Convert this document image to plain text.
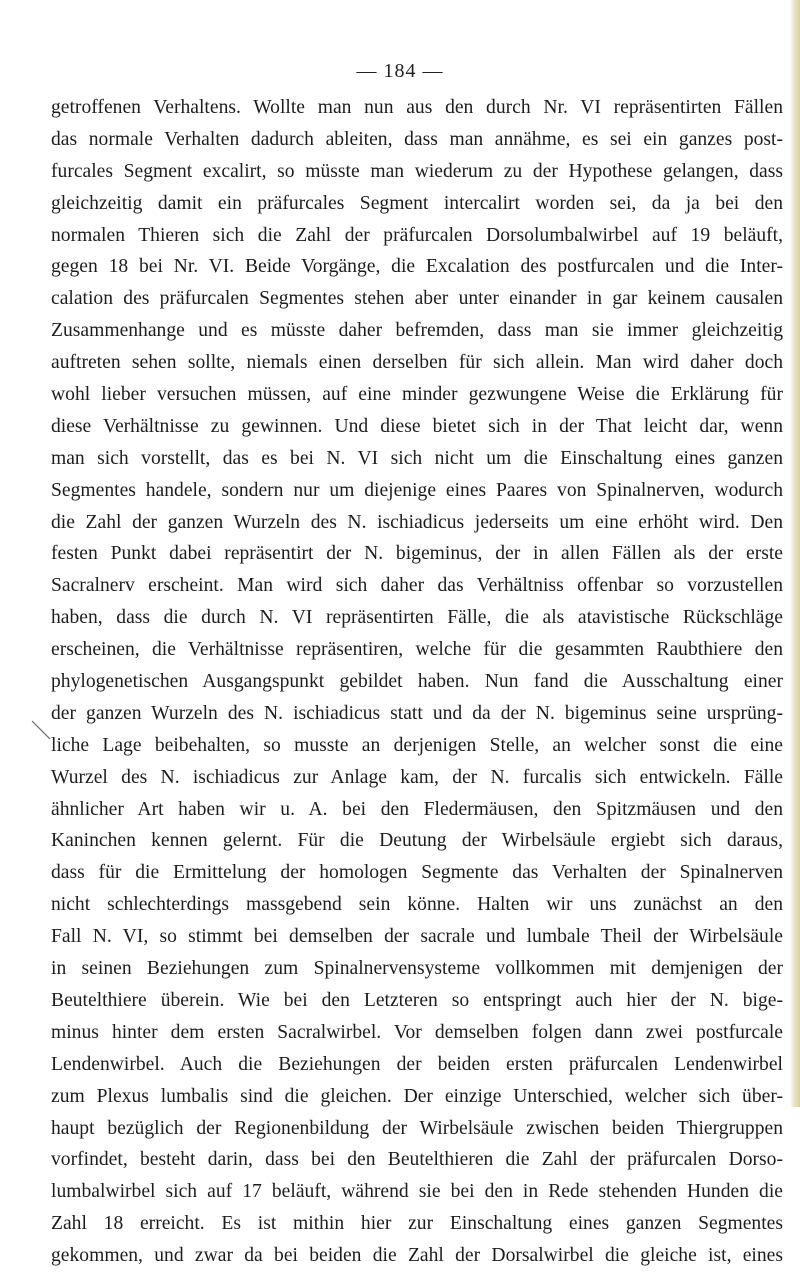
— 184 —
getroffenen Verhaltens. Wollte man nun aus den durch Nr. VI repräsentirten Fällen
das normale Verhalten dadurch ableiten, dass man annähme, es sei ein ganzes post-
furcales Segment excalirt, so müsste man wiederum zu der Hypothese gelangen, dass
gleichzeitig damit ein präfurcales Segment intercalirt worden sei, da ja bei den
normalen Thieren sich die Zahl der präfurcalen Dorsolumbalwirbel auf 19 beläuft,
gegen 18 bei Nr. VI. Beide Vorgänge, die Excalation des postfurcalen und die Inter-
calation des präfurcalen Segmentes stehen aber unter einander in gar keinem causalen
Zusammenhange und es müsste daher befremden, dass man sie immer gleichzeitig
auftreten sehen sollte, niemals einen derselben für sich allein. Man wird daher doch
wohl lieber versuchen müssen, auf eine minder gezwungene Weise die Erklärung für
diese Verhältnisse zu gewinnen. Und diese bietet sich in der That leicht dar, wenn
man sich vorstellt, das es bei N. VI sich nicht um die Einschaltung eines ganzen
Segmentes handele, sondern nur um diejenige eines Paares von Spinalnerven, wodurch
die Zahl der ganzen Wurzeln des N. ischiadicus jederseits um eine erhöht wird. Den
festen Punkt dabei repräsentirt der N. bigeminus, der in allen Fällen als der erste
Sacralnerv erscheint. Man wird sich daher das Verhältniss offenbar so vorzustellen
haben, dass die durch N. VI repräsentirten Fälle, die als atavistische Rückschläge
erscheinen, die Verhältnisse repräsentiren, welche für die gesammten Raubthiere den
phylogenetischen Ausgangspunkt gebildet haben. Nun fand die Ausschaltung einer
der ganzen Wurzeln des N. ischiadicus statt und da der N. bigeminus seine ursprüng-
liche Lage beibehalten, so musste an derjenigen Stelle, an welcher sonst die eine
Wurzel des N. ischiadicus zur Anlage kam, der N. furcalis sich entwickeln. Fälle
ähnlicher Art haben wir u. A. bei den Fledermäusen, den Spitzmäusen und den
Kaninchen kennen gelernt. Für die Deutung der Wirbelsäule ergiebt sich daraus,
dass für die Ermittelung der homologen Segmente das Verhalten der Spinalnerven
nicht schlechterdings massgebend sein könne. Halten wir uns zunächst an den
Fall N. VI, so stimmt bei demselben der sacrale und lumbale Theil der Wirbelsäule
in seinen Beziehungen zum Spinalnervensysteme vollkommen mit demjenigen der
Beutelthiere überein. Wie bei den Letzteren so entspringt auch hier der N. bige-
minus hinter dem ersten Sacralwirbel. Vor demselben folgen dann zwei postfurcale
Lendenwirbel. Auch die Beziehungen der beiden ersten präfurcalen Lendenwirbel
zum Plexus lumbalis sind die gleichen. Der einzige Unterschied, welcher sich über-
haupt bezüglich der Regionenbildung der Wirbelsäule zwischen beiden Thiergruppen
vorfindet, besteht darin, dass bei den Beutelthieren die Zahl der präfurcalen Dorso-
lumbalwirbel sich auf 17 beläuft, während sie bei den in Rede stehenden Hunden die
Zahl 18 erreicht. Es ist mithin hier zur Einschaltung eines ganzen Segmentes
gekommen, und zwar da bei beiden die Zahl der Dorsalwirbel die gleiche ist, eines
